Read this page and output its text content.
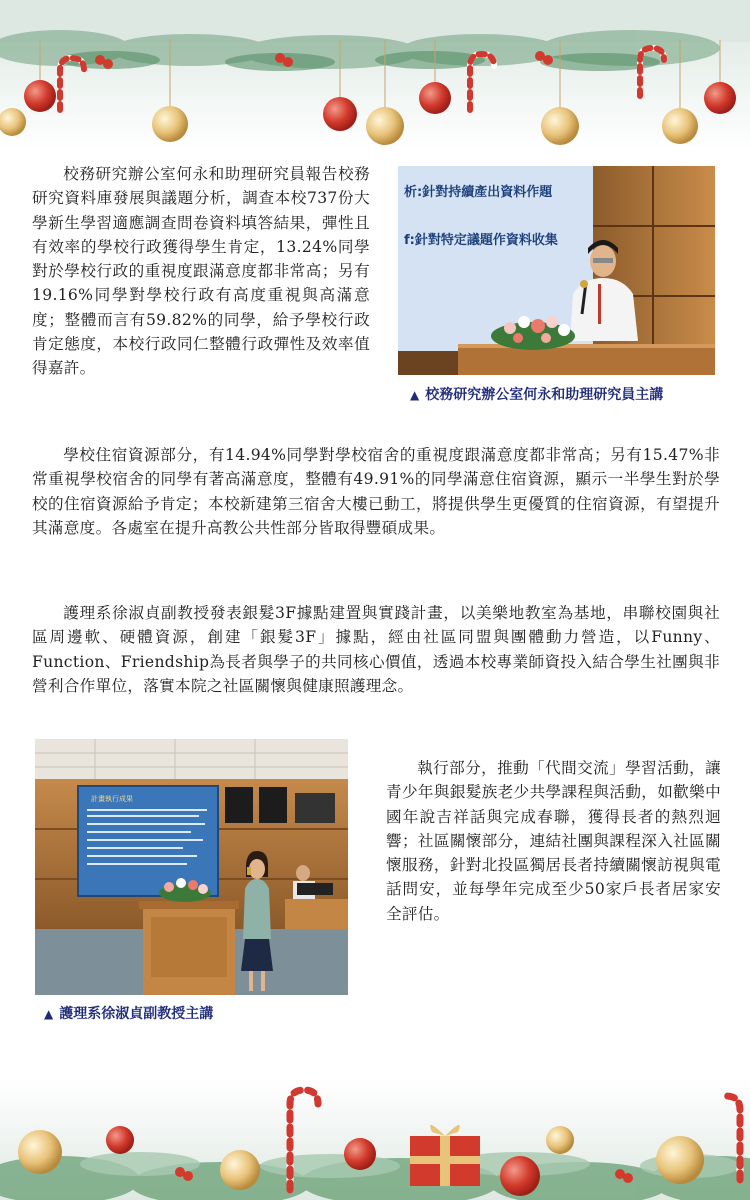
校務研究辦公室何永和助理研究員報告校務研究資料庫發展與議題分析，調查本校737份大學新生學習適應調查問卷資料填答結果，彈性且有效率的學校行政獲得學生肯定，13.24%同學對於學校行政的重視度跟滿意度都非常高；另有19.16%同學對學校行政有高度重視與高滿意度；整體而言有59.82%的同學，給予學校行政肯定態度，本校行政同仁整體行政彈性及效率值得嘉許。

析:針對持續產出資料作題
f:針對特定議題作資料收集

▲ 校務研究辦公室何永和助理研究員主講

學校住宿資源部分，有14.94%同學對學校宿舍的重視度跟滿意度都非常高；另有15.47%非常重視學校宿舍的同學有著高滿意度，整體有49.91%的同學滿意住宿資源，顯示一半學生對於學校的住宿資源給予肯定；本校新建第三宿舍大樓已動工，將提供學生更優質的住宿資源，有望提升其滿意度。各處室在提升高教公共性部分皆取得豐碩成果。

護理系徐淑貞副教授發表銀髮3F據點建置與實踐計畫，以美樂地教室為基地，串聯校園與社區周邊軟、硬體資源，創建「銀髮3F」據點，經由社區同盟與團體動力營造，以Funny、Function、Friendship為長者與學子的共同核心價值，透過本校專業師資投入結合學生社團與非營利合作單位，落實本院之社區關懷與健康照護理念。

計畫執行成果

▲ 護理系徐淑貞副教授主講

執行部分，推動「代間交流」學習活動，讓青少年與銀髮族老少共學課程與活動，如歡樂中國年說吉祥話與完成春聯，獲得長者的熱烈迴響；社區關懷部分，連結社團與課程深入社區關懷服務，針對北投區獨居長者持續關懷訪視與電話問安，並每學年完成至少50家戶長者居家安全評估。
